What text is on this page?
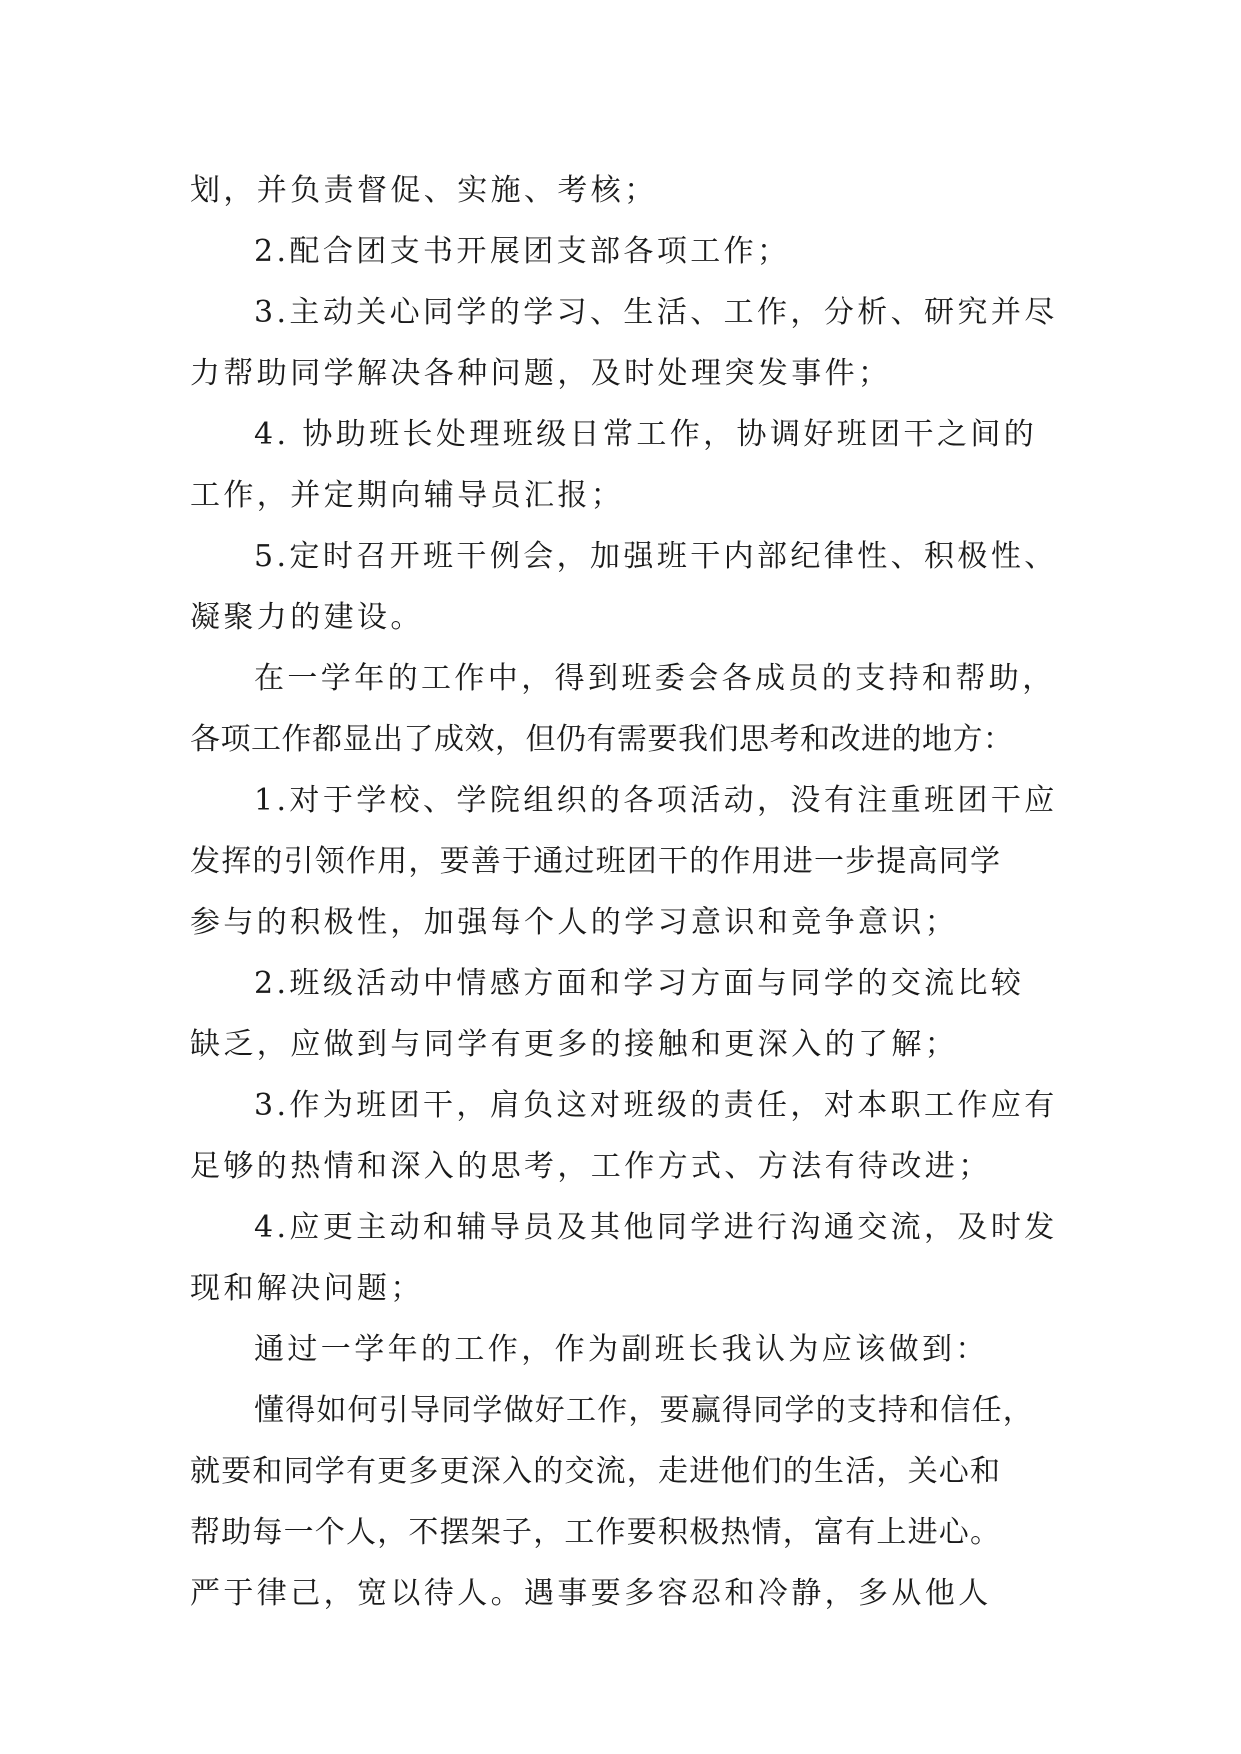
划，并负责督促、实施、考核；
2.配合团支书开展团支部各项工作；
3.主动关心同学的学习、生活、工作，分析、研究并尽
力帮助同学解决各种问题，及时处理突发事件；
4. 协助班长处理班级日常工作，协调好班团干之间的
工作，并定期向辅导员汇报；
5.定时召开班干例会，加强班干内部纪律性、积极性、
凝聚力的建设。
在一学年的工作中，得到班委会各成员的支持和帮助，
各项工作都显出了成效，但仍有需要我们思考和改进的地方：
1.对于学校、学院组织的各项活动，没有注重班团干应
发挥的引领作用，要善于通过班团干的作用进一步提高同学
参与的积极性，加强每个人的学习意识和竞争意识；
2.班级活动中情感方面和学习方面与同学的交流比较
缺乏，应做到与同学有更多的接触和更深入的了解；
3.作为班团干，肩负这对班级的责任，对本职工作应有
足够的热情和深入的思考，工作方式、方法有待改进；
4.应更主动和辅导员及其他同学进行沟通交流，及时发
现和解决问题；
通过一学年的工作，作为副班长我认为应该做到：
懂得如何引导同学做好工作，要赢得同学的支持和信任，
就要和同学有更多更深入的交流，走进他们的生活，关心和
帮助每一个人，不摆架子，工作要积极热情，富有上进心。
严于律己，宽以待人。遇事要多容忍和冷静，多从他人
